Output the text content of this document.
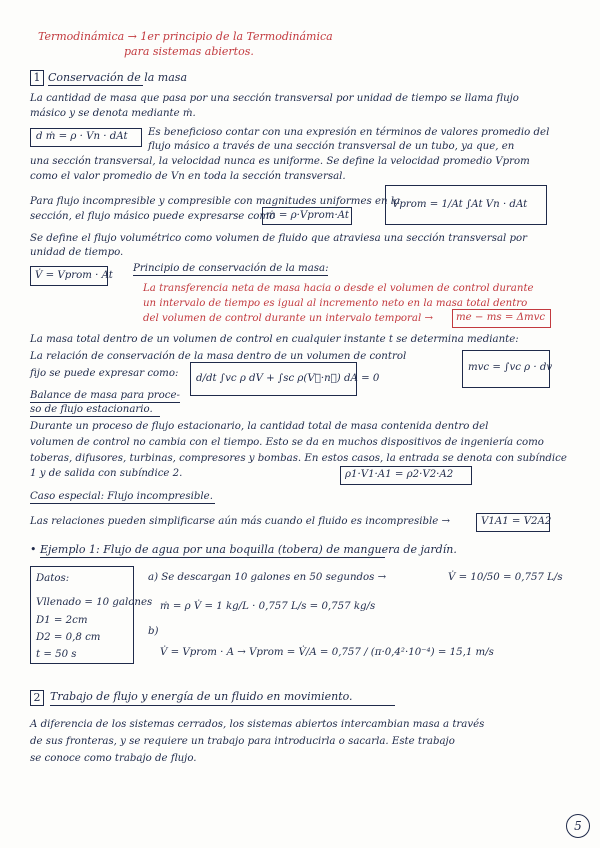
Termodinámica → 1er principio de la Termodinámica
para sistemas abiertos.
1 Conservación de la masa
La cantidad de masa que pasa por una sección transversal por unidad de tiempo se llama flujo
másico y se denota mediante ṁ.
d ṁ = ρ · Vn · dAt Es beneficioso contar con una expresión en términos de valores promedio del
flujo másico a través de una sección transversal de un tubo, ya que, en
una sección transversal, la velocidad nunca es uniforme. Se define la velocidad promedio Vprom
como el valor promedio de Vn en toda la sección transversal.
Vprom = 1/At ∫At Vn · dAt
Para flujo incompresible y compresible con magnitudes uniformes en la
sección, el flujo másico puede expresarse como
ṁ = ρ·Vprom·At
Se define el flujo volumétrico como volumen de fluido que atraviesa una sección transversal por
unidad de tiempo.
V̇ = Vprom · At
Principio de conservación de la masa:
La transferencia neta de masa hacia o desde el volumen de control durante
un intervalo de tiempo es igual al incremento neto en la masa total dentro
del volumen de control durante un intervalo temporal → me − ms = Δmvc
La masa total dentro de un volumen de control en cualquier instante t se determina mediante:
mvc = ∫vc ρ · dv
La relación de conservación de la masa dentro de un volumen de control
fijo se puede expresar como: d/dt ∫vc ρ dV + ∫sc ρ(V⃗·n⃗) dA = 0
Balance de masa para proce-
so de flujo estacionario.
Durante un proceso de flujo estacionario, la cantidad total de masa contenida dentro del
volumen de control no cambia con el tiempo. Esto se da en muchos dispositivos de ingeniería como
toberas, difusores, turbinas, compresores y bombas. En estos casos, la entrada se denota con subíndice
1 y de salida con subíndice 2.	ρ1·V1·A1 = ρ2·V2·A2
Caso especial: Flujo incompresible.
Las relaciones pueden simplificarse aún más cuando el fluido es incompresible →	V1A1 = V2A2
• Ejemplo 1: Flujo de agua por una boquilla (tobera) de manguera de jardín.
Datos:
Vllenado = 10 galones
D1 = 2cm
D2 = 0,8 cm
t = 50 s
a) Se descargan 10 galones en 50 segundos →	V̇ = 10/50 = 0,757 L/s
ṁ = ρ V̇ = 1 kg/L · 0,757 L/s = 0,757 kg/s
b)
V̇ = Vprom · A → Vprom = V̇/A = 0,757 / (π·0,4²·10⁻⁴) = 15,1 m/s
2 Trabajo de flujo y energía de un fluido en movimiento.
A diferencia de los sistemas cerrados, los sistemas abiertos intercambian masa a través
de sus fronteras, y se requiere un trabajo para introducirla o sacarla. Este trabajo
se conoce como trabajo de flujo.
5
